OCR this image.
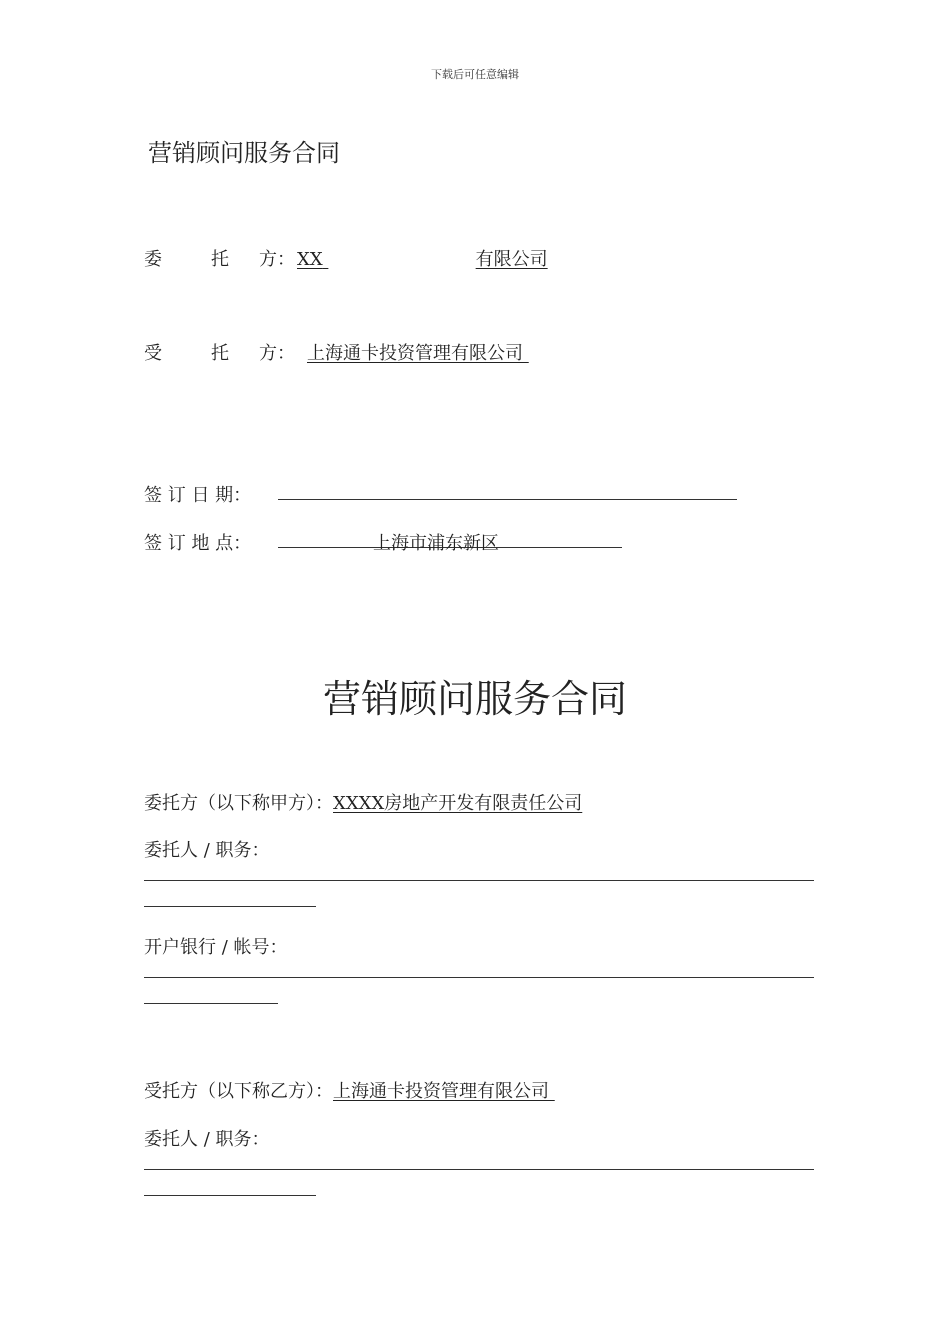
下载后可任意编辑
营销顾问服务合同
委	托 方： XX	有限公司
受	托 方： 上海通卡投资管理有限公司
签 订 日 期：
签 订 地 点：	上海市浦东新区
营销顾问服务合同
委托方（以下称甲方）：XXXX房地产开发有限责任公司
委托人 / 职务：
开户银行 / 帐号：
受托方（以下称乙方）：上海通卡投资管理有限公司
委托人 / 职务：
